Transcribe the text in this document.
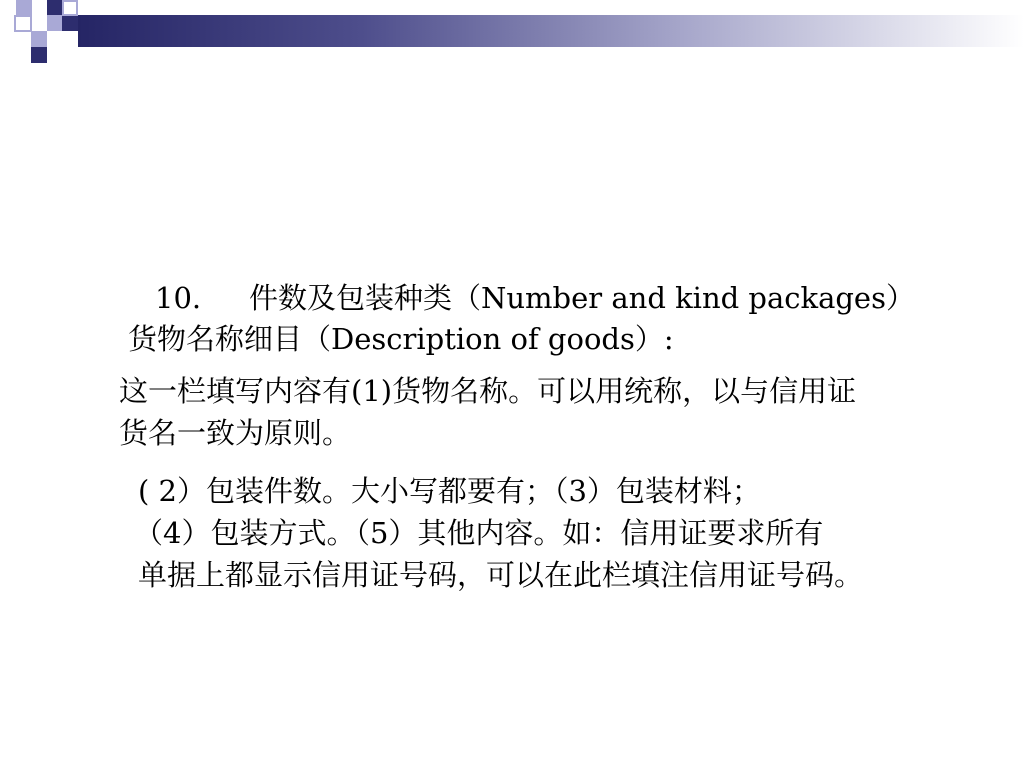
10. 件数及包装种类（Number and kind packages）
货物名称细目（Description of goods）:
这一栏填写内容有(1)货物名称。可以用统称，以与信用证
货名一致为原则。
( 2）包装件数。大小写都要有；（3）包装材料；
（4）包装方式。（5）其他内容。如：信用证要求所有
单据上都显示信用证号码，可以在此栏填注信用证号码。
